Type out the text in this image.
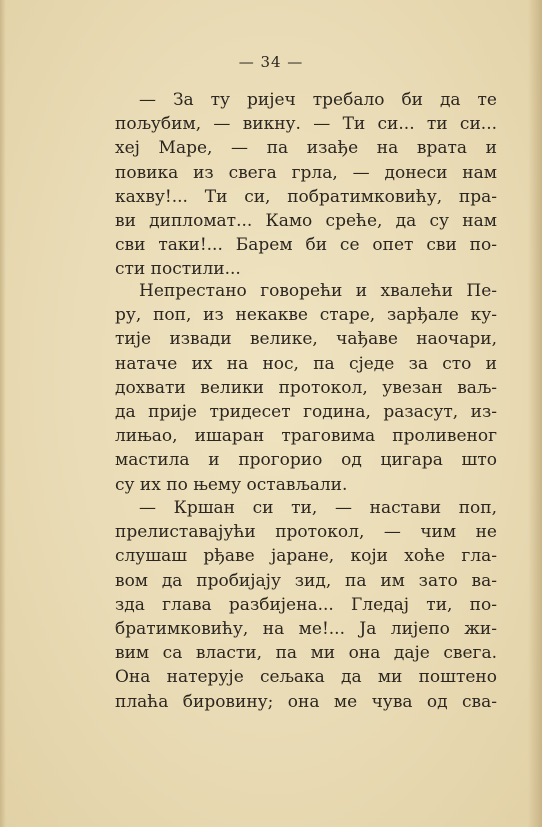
— 34 —
— За ту ријеч требало би да те
пољубим, — викну. — Ти си... ти си...
хеј Маре, — па изађе на врата и
повика из свега грла, — донеси нам
кахву!... Ти си, побратимковићу, пра-
ви дипломат... Камо среће, да су нам
сви таки!... Барем би се опет сви по-
сти постили...
Непрестано говорећи и хвалећи Пе-
ру, поп, из некакве старе, зарђале ку-
тије извади велике, чађаве наочари,
натаче их на нос, па сједе за сто и
дохвати велики протокол, увезан ваљ-
да прије тридесет година, разасут, из-
лињао, ишаран траговима проливеног
мастила и прогорио од цигара што
су их по њему остављали.
— Кршан си ти, — настави поп,
прелиставајући протокол, — чим не
слушаш рђаве јаране, који хоће гла-
вом да пробијају зид, па им зато ва-
зда глава разбијена... Гледај ти, по-
братимковићу, на ме!... Ја лијепо жи-
вим са власти, па ми она даје свега.
Она натерује сељака да ми поштено
плаћа бировину; она ме чува од сва-
